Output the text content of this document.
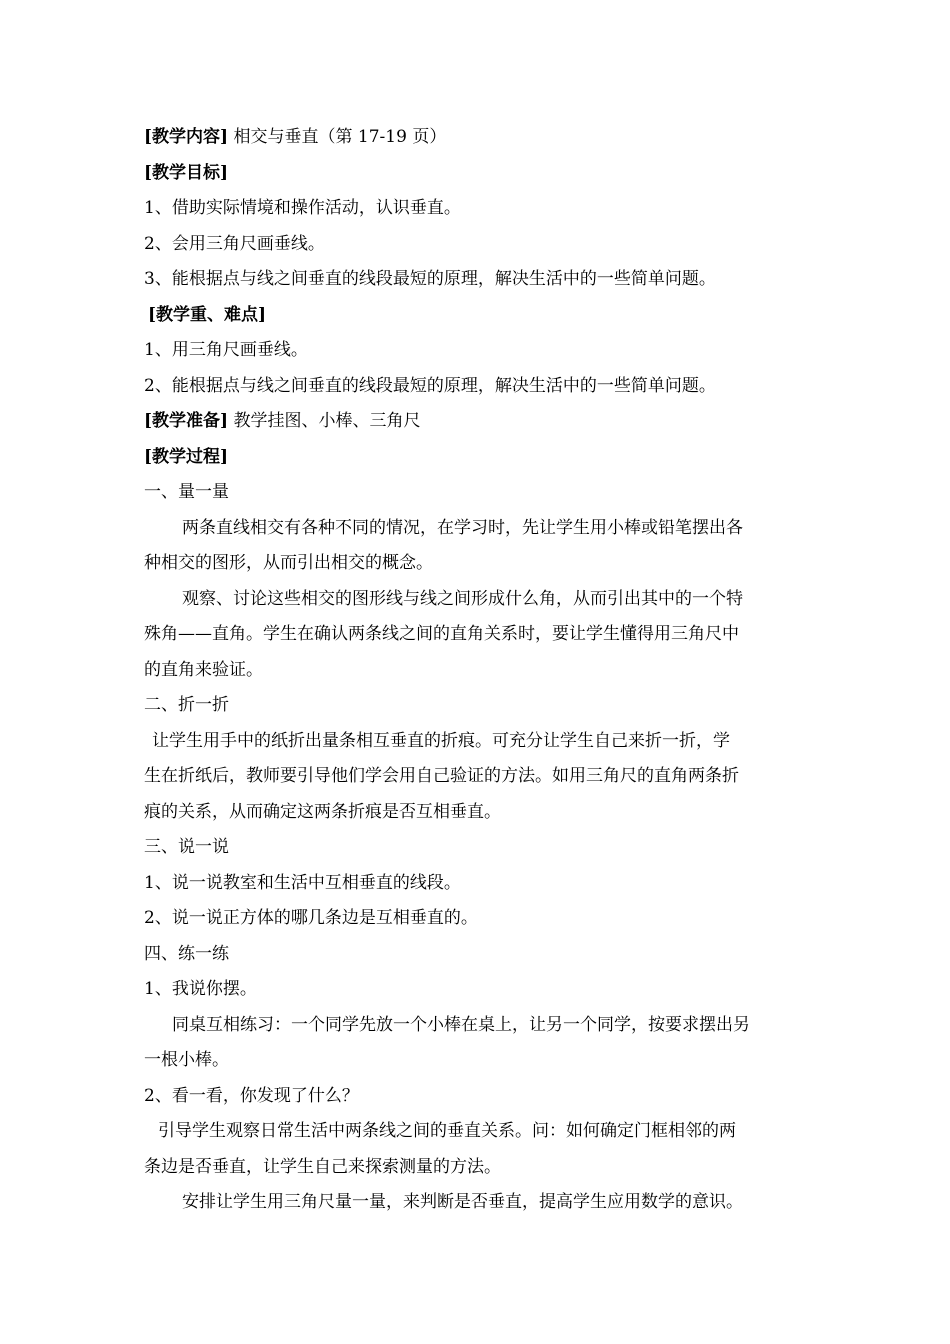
[教学内容] 相交与垂直（第 17-19 页）
[教学目标]
1、借助实际情境和操作活动，认识垂直。
2、会用三角尺画垂线。
3、能根据点与线之间垂直的线段最短的原理，解决生活中的一些简单问题。
[教学重、难点]
1、用三角尺画垂线。
2、能根据点与线之间垂直的线段最短的原理，解决生活中的一些简单问题。
[教学准备] 教学挂图、小棒、三角尺
[教学过程]
一、量一量
两条直线相交有各种不同的情况，在学习时，先让学生用小棒或铅笔摆出各
种相交的图形，从而引出相交的概念。
观察、讨论这些相交的图形线与线之间形成什么角，从而引出其中的一个特
殊角——直角。学生在确认两条线之间的直角关系时，要让学生懂得用三角尺中
的直角来验证。
二、折一折
让学生用手中的纸折出量条相互垂直的折痕。可充分让学生自己来折一折，学
生在折纸后，教师要引导他们学会用自己验证的方法。如用三角尺的直角两条折
痕的关系，从而确定这两条折痕是否互相垂直。
三、说一说
1、说一说教室和生活中互相垂直的线段。
2、说一说正方体的哪几条边是互相垂直的。
四、练一练
1、我说你摆。
同桌互相练习：一个同学先放一个小棒在桌上，让另一个同学，按要求摆出另
一根小棒。
2、看一看，你发现了什么？
引导学生观察日常生活中两条线之间的垂直关系。问：如何确定门框相邻的两
条边是否垂直，让学生自己来探索测量的方法。
安排让学生用三角尺量一量，来判断是否垂直，提高学生应用数学的意识。
